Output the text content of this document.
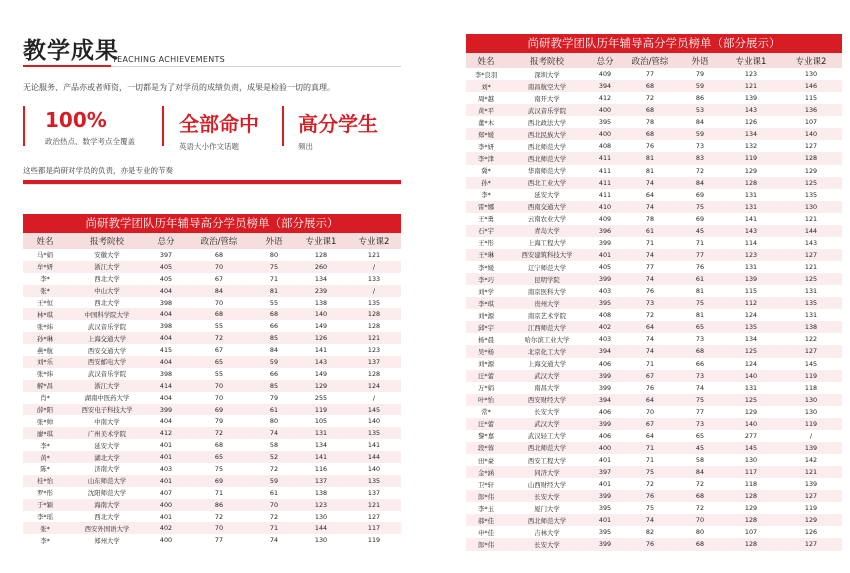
教学成果
TEACHING ACHIEVEMENTS
无论服务、产品亦或者师资，一切都是为了对学员的成绩负责，成果是检验一切的真理。
100%
政治热点、数学考点全覆盖
全部命中
英语大小作文话题
高分学生
频出
这些都是尚研对学员的负责，亦是专业的节奏
尚研教学团队历年辅导高分学员榜单（部分展示）
姓名	报考院校	总分	政治/管综	外语	专业课1	专业课2
马*娟	安徽大学	397	68	80	128	121
牟*妍	浙江大学	405	70	75	260	/
李*	西北大学	405	67	71	134	133
张*	中山大学	404	84	81	239	/
王*恒	西北大学	398	70	55	138	135
林*琪	中国科学院大学	404	68	68	140	128
张*炜	武汉音乐学院	398	55	66	149	128
孙*琳	上海交通大学	404	72	85	126	121
燕*航	西安交通大学	415	67	84	141	123
刘*乐	西安邮电大学	404	65	59	143	137
张*炜	武汉音乐学院	398	55	66	149	128
解*昌	浙江大学	414	70	85	129	124
肖*	湖南中医药大学	404	70	79	255	/
薛*阳	西安电子科技大学	399	69	61	119	145
张*帅	中南大学	404	79	80	105	140
廖*琪	广州美术学院	412	72	74	131	135
李*	延安大学	401	68	58	134	141
黄*	湖北大学	401	65	52	141	144
陈*	济南大学	403	75	72	116	140
桂*怡	山东师范大学	401	69	59	137	135
罗*彤	沈阳师范大学	407	71	61	138	137
于*颖	海南大学	400	86	70	123	121
李*瑶	西北大学	401	72	72	130	127
张*	西安外国语大学	402	70	71	144	117
李*	郑州大学	400	77	74	130	119
尚研教学团队历年辅导高分学员榜单（部分展示）
姓名	报考院校	总分	政治/管综	外语	专业课1	专业课2
李*良羽	深圳大学	409	77	79	123	130
刘*	南昌航空大学	394	68	59	121	146
周*越	南开大学	412	72	86	139	115
黄*平	武汉音乐学院	400	68	53	143	136
董*木	西北政法大学	395	78	84	126	107
郑*媛	西北民族大学	400	68	59	134	140
李*妍	西北师范大学	408	76	73	132	127
李*津	西北师范大学	411	81	83	119	128
冀*	华南师范大学	411	81	72	129	129
孙*	西北工业大学	411	74	84	128	125
李*	延安大学	411	64	69	131	135
雷*娜	西南交通大学	410	74	75	131	130
王*勇	云南农业大学	409	78	69	141	121
石*宇	青岛大学	396	61	45	143	144
王*彤	上海工程大学	399	71	71	114	143
王*琳	西安建筑科技大学	401	74	77	123	127
李*媛	辽宁师范大学	405	77	76	131	121
李*巧	昆明学院	399	74	61	139	125
刘*学	南京医科大学	403	76	81	115	131
李*琪	贵州大学	395	73	75	112	135
刘*源	南京艺术学院	408	72	81	124	131
邱*宇	江西师范大学	402	64	65	135	138
杨*晨	哈尔滨工业大学	403	74	73	134	122
吴*杨	北京化工大学	394	74	68	125	127
刘*源	上海交通大学	406	71	66	124	145
汪*蕾	武汉大学	399	67	73	140	119
万*娟	南昌大学	399	76	74	131	118
叶*怡	西安财经大学	394	64	75	125	130
常*	长安大学	406	70	77	129	130
汪*蕾	武汉大学	399	67	73	140	119
黎*嘉	武汉轻工大学	406	64	65	277	/
段*蓉	西北师范大学	400	71	45	145	139
田*豪	西安工程大学	401	71	58	130	142
金*涵	同济大学	397	75	84	117	121
卫*轩	山西财经大学	401	72	72	118	139
郎*伟	长安大学	399	76	68	128	127
李*玉	厦门大学	395	75	72	129	119
郝*佳	西北师范大学	401	74	70	128	129
申*佳	吉林大学	395	82	80	107	126
郎*伟	长安大学	399	76	68	128	127
